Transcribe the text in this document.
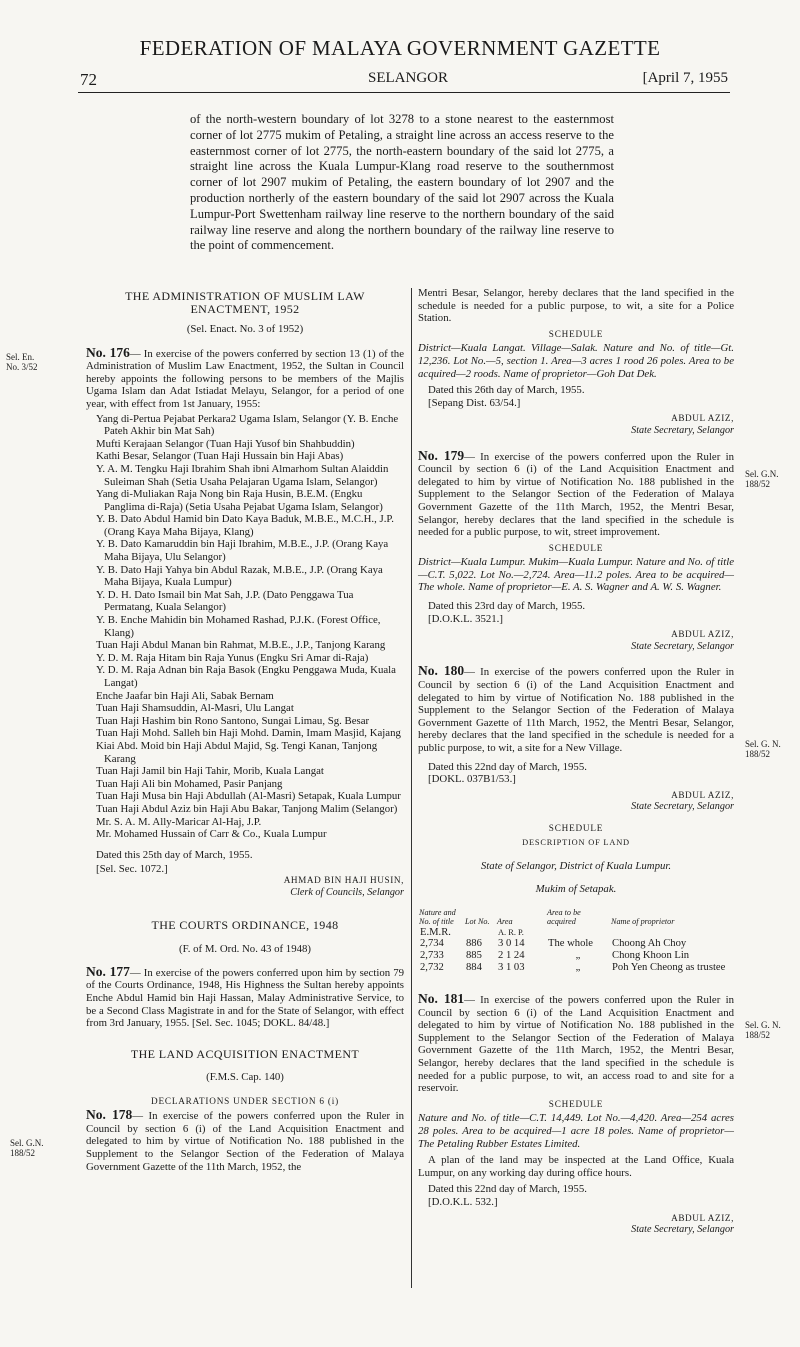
FEDERATION OF MALAYA GOVERNMENT GAZETTE
72	SELANGOR	[April 7, 1955
of the north-western boundary of lot 3278 to a stone nearest to the easternmost corner of lot 2775 mukim of Petaling, a straight line across an access reserve to the easternmost corner of lot 2775, the north-eastern boundary of the said lot 2775, a straight line across the Kuala Lumpur-Klang road reserve to the southernmost corner of lot 2907 mukim of Petaling, the eastern boundary of lot 2907 and the production northerly of the eastern boundary of the said lot 2907 across the Kuala Lumpur-Port Swettenham railway line reserve to the northern boundary of the said railway line reserve and along the northern boundary of the railway line reserve to the point of commencement.
Sel. En. No. 3/52
Sel. G.N. 188/52
Sel. G.N. 188/52
Sel. G. N. 188/52
Sel. G. N. 188/52

THE ADMINISTRATION OF MUSLIM LAW ENACTMENT, 1952

(Sel. Enact. No. 3 of 1952)

No. 176— In exercise of the powers conferred by section 13 (1) of the Administration of Muslim Law Enactment, 1952, the Sultan in Council hereby appoints the following persons to be members of the Majlis Ugama Islam dan Adat Istiadat Melayu, Selangor, for a period of one year, with effect from 1st January, 1955:

Yang di-Pertua Pejabat Perkara2 Ugama Islam, Selangor (Y. B. Enche Pateh Akhir bin Mat Sah)

Mufti Kerajaan Selangor (Tuan Haji Yusof bin Shahbuddin)

Kathi Besar, Selangor (Tuan Haji Hussain bin Haji Abas)

Y. A. M. Tengku Haji Ibrahim Shah ibni Almarhom Sultan Alaiddin Suleiman Shah (Setia Usaha Pelajaran Ugama Islam, Selangor)

Yang di-Muliakan Raja Nong bin Raja Husin, B.E.M. (Engku Panglima di-Raja) (Setia Usaha Pejabat Ugama Islam, Selangor)

Y. B. Dato Abdul Hamid bin Dato Kaya Baduk, M.B.E., M.C.H., J.P. (Orang Kaya Maha Bijaya, Klang)

Y. B. Dato Kamaruddin bin Haji Ibrahim, M.B.E., J.P. (Orang Kaya Maha Bijaya, Ulu Selangor)

Y. B. Dato Haji Yahya bin Abdul Razak, M.B.E., J.P. (Orang Kaya Maha Bijaya, Kuala Lumpur)

Y. D. H. Dato Ismail bin Mat Sah, J.P. (Dato Penggawa Tua Permatang, Kuala Selangor)

Y. B. Enche Mahidin bin Mohamed Rashad, P.J.K. (Forest Office, Klang)

Tuan Haji Abdul Manan bin Rahmat, M.B.E., J.P., Tanjong Karang

Y. D. M. Raja Hitam bin Raja Yunus (Engku Sri Amar di-Raja)

Y. D. M. Raja Adnan bin Raja Basok (Engku Penggawa Muda, Kuala Langat)

Enche Jaafar bin Haji Ali, Sabak Bernam

Tuan Haji Shamsuddin, Al-Masri, Ulu Langat

Tuan Haji Hashim bin Rono Santono, Sungai Limau, Sg. Besar

Tuan Haji Mohd. Salleh bin Haji Mohd. Damin, Imam Masjid, Kajang

Kiai Abd. Moid bin Haji Abdul Majid, Sg. Tengi Kanan, Tanjong Karang

Tuan Haji Jamil bin Haji Tahir, Morib, Kuala Langat

Tuan Haji Ali bin Mohamed, Pasir Panjang

Tuan Haji Musa bin Haji Abdullah (Al-Masri) Setapak, Kuala Lumpur

Tuan Haji Abdul Aziz bin Haji Abu Bakar, Tanjong Malim (Selangor)

Mr. S. A. M. Ally-Maricar Al-Haj, J.P.

Mr. Mohamed Hussain of Carr & Co., Kuala Lumpur

Dated this 25th day of March, 1955.

[Sel. Sec. 1072.]

AHMAD BIN HAJI HUSIN,

Clerk of Councils, Selangor

THE COURTS ORDINANCE, 1948

(F. of M. Ord. No. 43 of 1948)

No. 177— In exercise of the powers conferred upon him by section 79 of the Courts Ordinance, 1948, His Highness the Sultan hereby appoints Enche Abdul Hamid bin Haji Hassan, Malay Administrative Service, to be a Second Class Magistrate in and for the State of Selangor, with effect from 3rd January, 1955. [Sel. Sec. 1045; DOKL. 84/48.]

THE LAND ACQUISITION ENACTMENT

(F.M.S. Cap. 140)

DECLARATIONS UNDER SECTION 6 (i)

No. 178— In exercise of the powers conferred upon the Ruler in Council by section 6 (i) of the Land Acquisition Enactment and delegated to him by virtue of Notification No. 188 published in the Supplement to the Selangor Section of the Federation of Malaya Government Gazette of the 11th March, 1952, the

Mentri Besar, Selangor, hereby declares that the land specified in the schedule is needed for a public purpose, to wit, a site for a Police Station.

SCHEDULE

District—Kuala Langat. Village—Salak. Nature and No. of title—Gt. 12,236. Lot No.—5, section 1. Area—3 acres 1 rood 26 poles. Area to be acquired—2 roods. Name of proprietor—Goh Dat Dek.

Dated this 26th day of March, 1955.

[Sepang Dist. 63/54.]

ABDUL AZIZ,

State Secretary, Selangor

No. 179— In exercise of the powers conferred upon the Ruler in Council by section 6 (i) of the Land Acquisition Enactment and delegated to him by virtue of Notification No. 188 published in the Supplement to the Selangor Section of the Federation of Malaya Government Gazette of the 11th March, 1952, the Mentri Besar, Selangor, hereby declares that the land specified in the schedule is needed for a public purpose, to wit, street improvement.

SCHEDULE

District—Kuala Lumpur. Mukim—Kuala Lumpur. Nature and No. of title—C.T. 5,022. Lot No.—2,724. Area—11.2 poles. Area to be acquired—The whole. Name of proprietor—E. A. S. Wagner and A. W. S. Wagner.

Dated this 23rd day of March, 1955.

[D.O.K.L. 3521.]

ABDUL AZIZ,

State Secretary, Selangor

No. 180— In exercise of the powers conferred upon the Ruler in Council by section 6 (i) of the Land Acquisition Enactment and delegated to him by virtue of Notification No. 188 published in the Supplement to the Selangor Section of the Federation of Malaya Government Gazette of 11th March, 1952, the Mentri Besar, Selangor, hereby declares that the land specified in the schedule is needed for a public purpose, to wit, a site for a New Village.

Dated this 22nd day of March, 1955.

[DOKL. 037B1/53.]

ABDUL AZIZ,

State Secretary, Selangor

SCHEDULE

DESCRIPTION OF LAND

State of Selangor, District of Kuala Lumpur.

Mukim of Setapak.

Nature and No. of title	Lot No.	Area	Area to be acquired	Name of proprietor
E.M.R.		A. R. P.		
2,734	886	3 0 14	The whole	Choong Ah Choy
2,733	885	2 1 24	„	Chong Khoon Lin
2,732	884	3 1 03	„	Poh Yen Cheong as trustee

No. 181— In exercise of the powers conferred upon the Ruler in Council by section 6 (i) of the Land Acquisition Enactment and delegated to him by virtue of Notification No. 188 published in the Supplement to the Selangor Section of the Federation of Malaya Government Gazette of the 11th March, 1952, the Mentri Besar, Selangor, hereby declares that the land specified in the schedule is needed for a public purpose, to wit, an access road to and site for a reservoir.

SCHEDULE

Nature and No. of title—C.T. 14,449. Lot No.—4,420. Area—254 acres 28 poles. Area to be acquired—1 acre 18 poles. Name of proprietor—The Petaling Rubber Estates Limited.

A plan of the land may be inspected at the Land Office, Kuala Lumpur, on any working day during office hours.

Dated this 22nd day of March, 1955.

[D.O.K.L. 532.]

ABDUL AZIZ,

State Secretary, Selangor
